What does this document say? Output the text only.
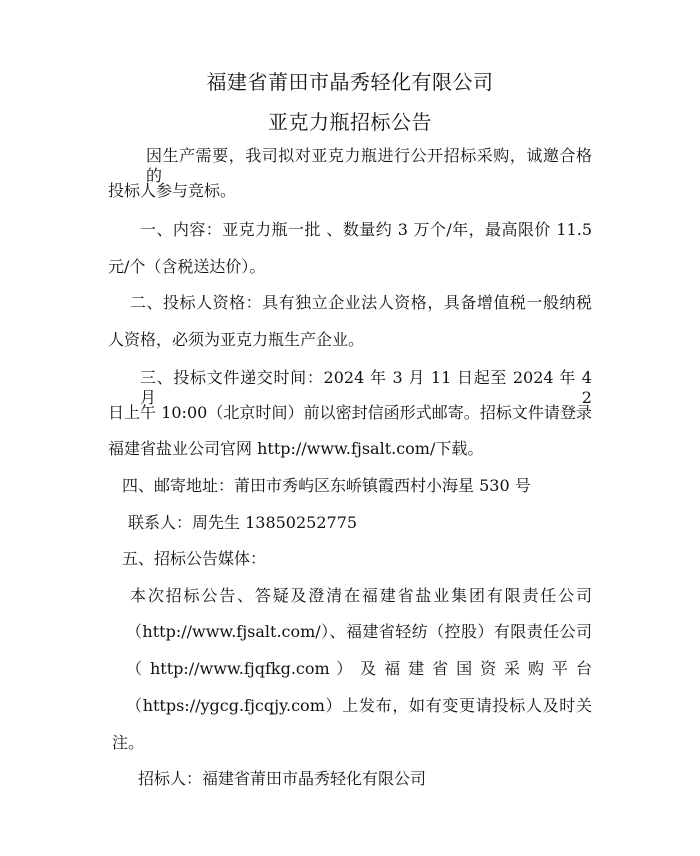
福建省莆田市晶秀轻化有限公司
亚克力瓶招标公告
因生产需要，我司拟对亚克力瓶进行公开招标采购，诚邀合格的
投标人参与竞标。
一、内容：亚克力瓶一批 、数量约 3 万个/年，最高限价 11.5
元/个（含税送达价）。
二、投标人资格：具有独立企业法人资格，具备增值税一般纳税
人资格，必须为亚克力瓶生产企业。
三、投标文件递交时间：2024 年 3 月 11 日起至 2024 年 4 月 2
日上午 10:00（北京时间）前以密封信函形式邮寄。招标文件请登录
福建省盐业公司官网 http://www.fjsalt.com/下载。
四、邮寄地址：莆田市秀屿区东峤镇霞西村小海星 530 号
联系人：周先生 13850252775
五、招标公告媒体：
本次招标公告、答疑及澄清在福建省盐业集团有限责任公司
（http://www.fjsalt.com/）、福建省轻纺（控股）有限责任公司
（ http://www.fjqfkg.com ） 及 福 建 省 国 资 采 购 平 台
（https://ygcg.fjcqjy.com）上发布，如有变更请投标人及时关
注。
招标人：福建省莆田市晶秀轻化有限公司
